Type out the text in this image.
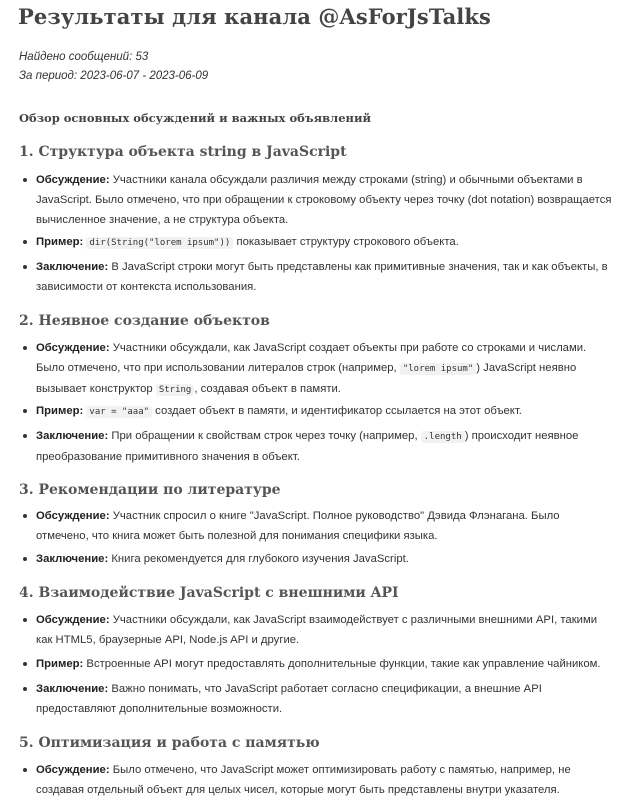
Результаты для канала @AsForJsTalks
Найдено сообщений: 53
За период: 2023-06-07 - 2023-06-09
Обзор основных обсуждений и важных объявлений
1. Структура объекта string в JavaScript
Обсуждение: Участники канала обсуждали различия между строками (string) и обычными объектами в JavaScript. Было отмечено, что при обращении к строковому объекту через точку (dot notation) возвращается вычисленное значение, а не структура объекта.
Пример: dir(String("lorem ipsum")) показывает структуру строкового объекта.
Заключение: В JavaScript строки могут быть представлены как примитивные значения, так и как объекты, в зависимости от контекста использования.
2. Неявное создание объектов
Обсуждение: Участники обсуждали, как JavaScript создает объекты при работе со строками и числами. Было отмечено, что при использовании литералов строк (например, "lorem ipsum" ) JavaScript неявно вызывает конструктор String , создавая объект в памяти.
Пример: var = "aaa" создает объект в памяти, и идентификатор ссылается на этот объект.
Заключение: При обращении к свойствам строк через точку (например, .length ) происходит неявное преобразование примитивного значения в объект.
3. Рекомендации по литературе
Обсуждение: Участник спросил о книге "JavaScript. Полное руководство" Дэвида Флэнагана. Было отмечено, что книга может быть полезной для понимания специфики языка.
Заключение: Книга рекомендуется для глубокого изучения JavaScript.
4. Взаимодействие JavaScript с внешними API
Обсуждение: Участники обсуждали, как JavaScript взаимодействует с различными внешними API, такими как HTML5, браузерные API, Node.js API и другие.
Пример: Встроенные API могут предоставлять дополнительные функции, такие как управление чайником.
Заключение: Важно понимать, что JavaScript работает согласно спецификации, а внешние API предоставляют дополнительные возможности.
5. Оптимизация и работа с памятью
Обсуждение: Было отмечено, что JavaScript может оптимизировать работу с памятью, например, не создавая отдельный объект для целых чисел, которые могут быть представлены внутри указателя.
